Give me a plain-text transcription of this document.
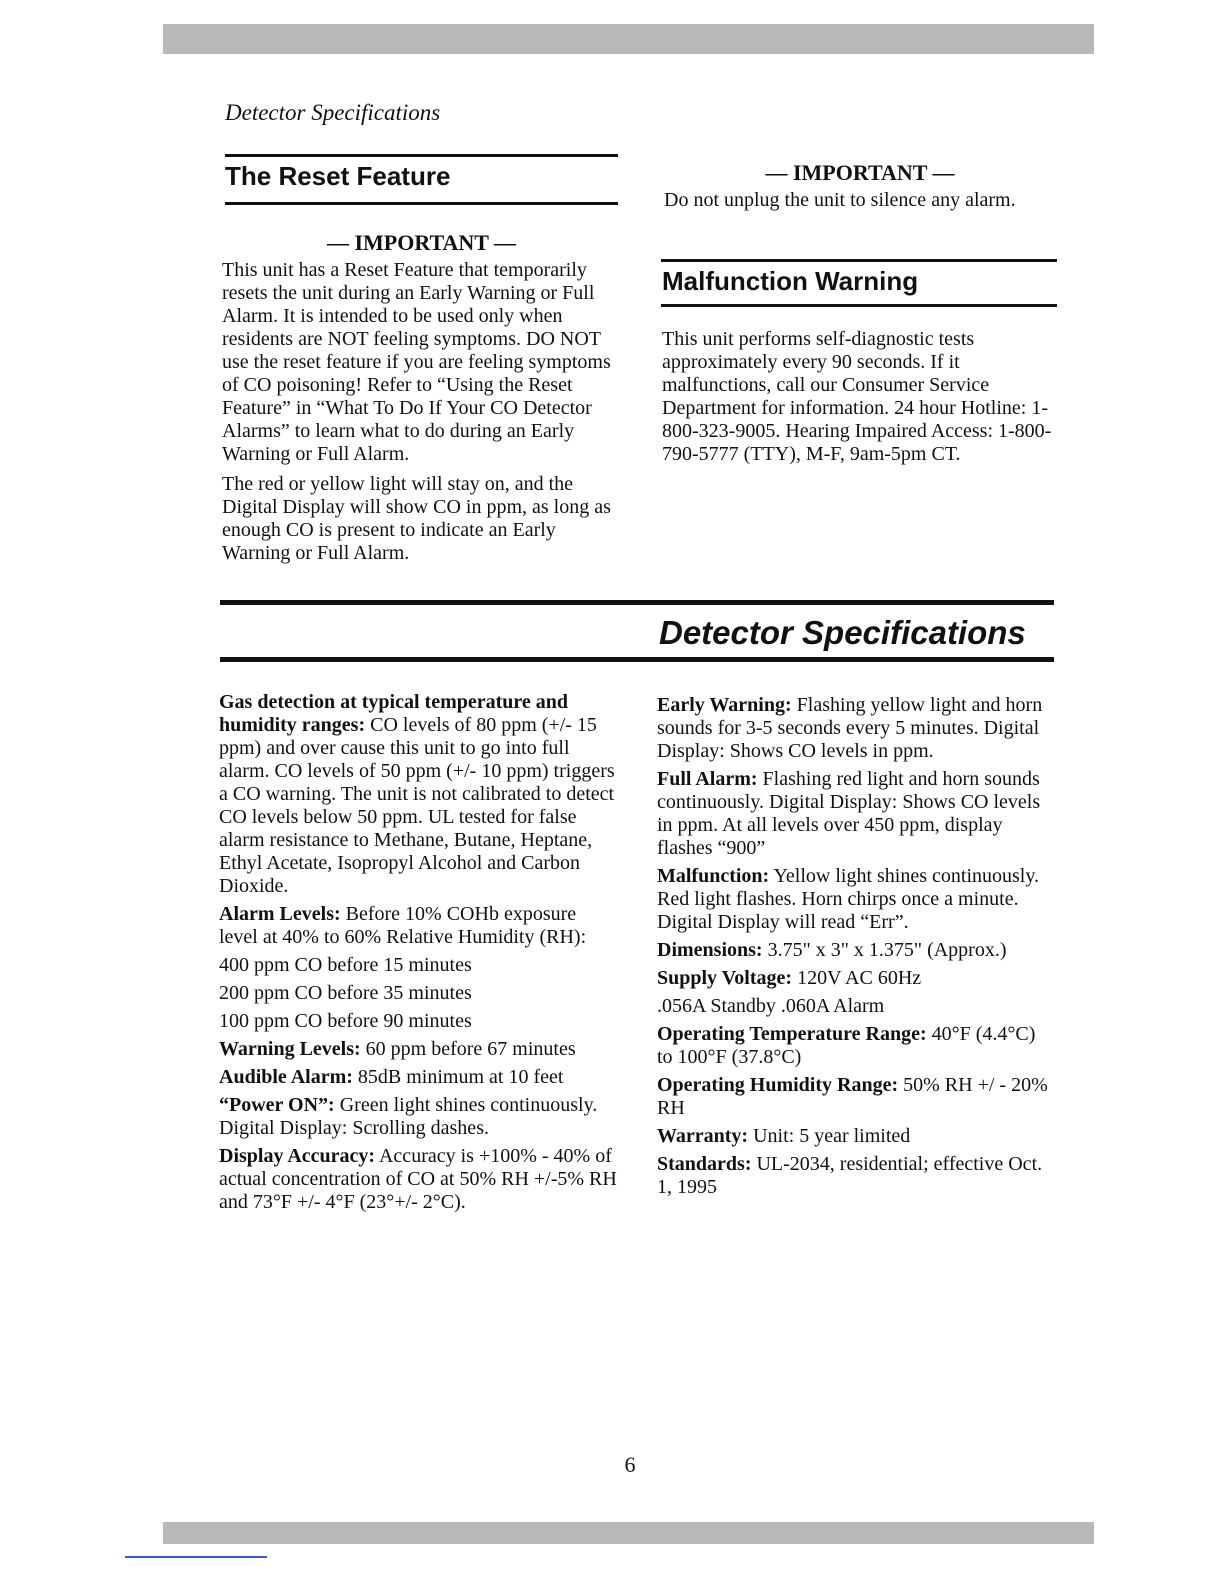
Detector Specifications
The Reset Feature
— IMPORTANT —

This unit has a Reset Feature that temporarily resets the unit during an Early Warning or Full Alarm. It is intended to be used only when residents are NOT feeling symptoms. DO NOT use the reset feature if you are feeling symptoms of CO poisoning! Refer to “Using the Reset Feature” in “What To Do If Your CO Detector Alarms” to learn what to do during an Early Warning or Full Alarm.

The red or yellow light will stay on, and the Digital Display will show CO in ppm, as long as enough CO is present to indicate an Early Warning or Full Alarm.

— IMPORTANT —
Do not unplug the unit to silence any alarm.
Malfunction Warning
This unit performs self-diagnostic tests approximately every 90 seconds. If it malfunctions, call our Consumer Service Department for information. 24 hour Hotline: 1-800-323-9005. Hearing Impaired Access: 1-800-790-5777 (TTY), M-F, 9am-5pm CT.
Detector Specifications

Gas detection at typical temperature and humidity ranges: CO levels of 80 ppm (+/- 15 ppm) and over cause this unit to go into full alarm. CO levels of 50 ppm (+/- 10 ppm) triggers a CO warning. The unit is not calibrated to detect CO levels below 50 ppm. UL tested for false alarm resistance to Methane, Butane, Heptane, Ethyl Acetate, Isopropyl Alcohol and Carbon Dioxide.

Alarm Levels: Before 10% COHb exposure level at 40% to 60% Relative Humidity (RH):

400 ppm CO before 15 minutes

200 ppm CO before 35 minutes

100 ppm CO before 90 minutes

Warning Levels: 60 ppm before 67 minutes

Audible Alarm: 85dB minimum at 10 feet

“Power ON”: Green light shines continuously. Digital Display: Scrolling dashes.

Display Accuracy: Accuracy is +100% - 40% of actual concentration of CO at 50% RH +/-5% RH and 73°F +/- 4°F (23°+/- 2°C).

Early Warning: Flashing yellow light and horn sounds for 3-5 seconds every 5 minutes. Digital Display: Shows CO levels in ppm.

Full Alarm: Flashing red light and horn sounds continuously. Digital Display: Shows CO levels in ppm. At all levels over 450 ppm, display flashes “900”

Malfunction: Yellow light shines continuously. Red light flashes. Horn chirps once a minute. Digital Display will read “Err”.

Dimensions: 3.75" x 3" x 1.375" (Approx.)

Supply Voltage: 120V AC 60Hz

.056A Standby .060A Alarm

Operating Temperature Range: 40°F (4.4°C) to 100°F (37.8°C)

Operating Humidity Range: 50% RH +/ - 20% RH

Warranty: Unit: 5 year limited

Standards: UL-2034, residential; effective Oct. 1, 1995

6
